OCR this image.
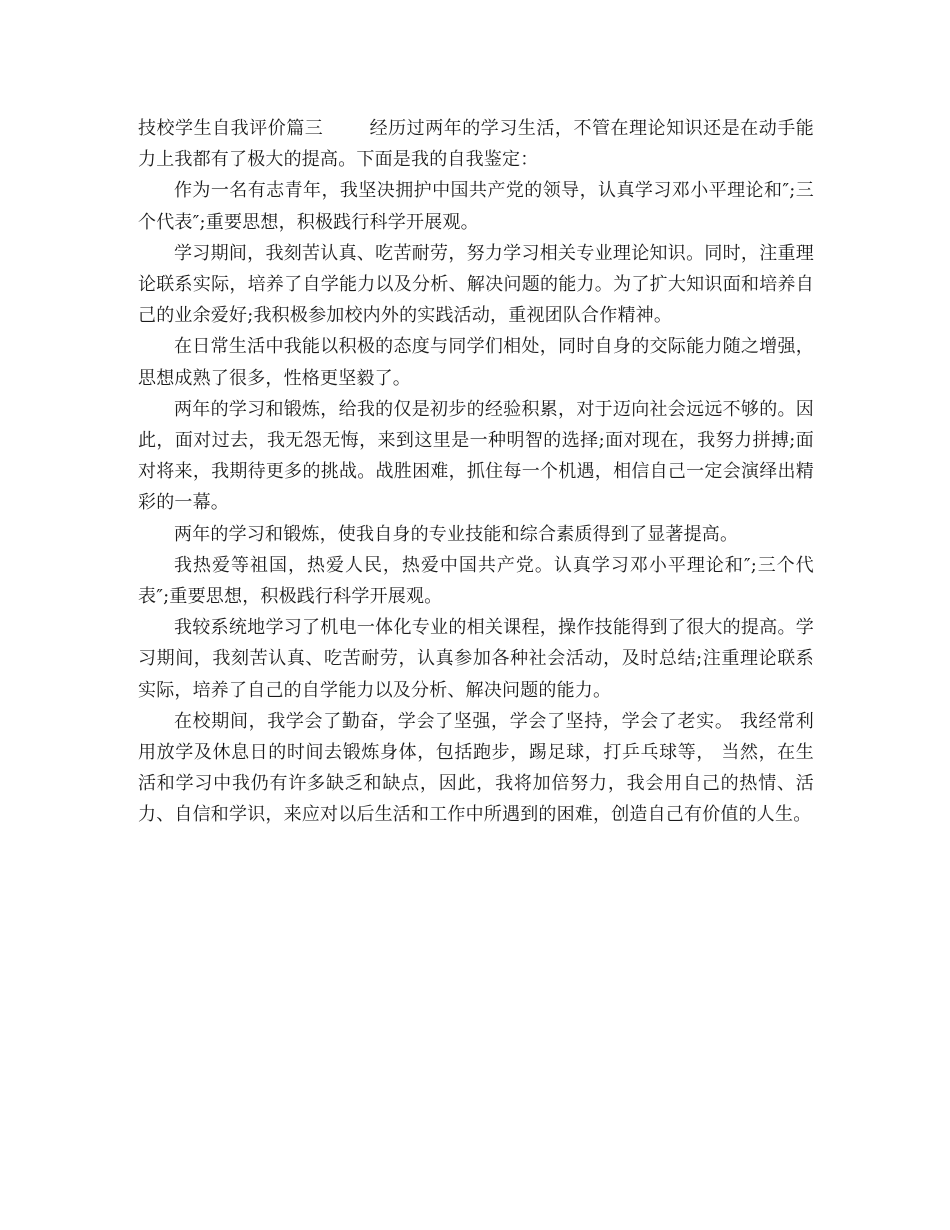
技校学生自我评价篇三	经历过两年的学习生活，不管在理论知识还是在动手能力上我都有了极大的提高。下面是我的自我鉴定：

作为一名有志青年，我坚决拥护中国共产党的领导，认真学习邓小平理论和″;三个代表″;重要思想，积极践行科学开展观。

学习期间，我刻苦认真、吃苦耐劳，努力学习相关专业理论知识。同时，注重理论联系实际，培养了自学能力以及分析、解决问题的能力。为了扩大知识面和培养自己的业余爱好;我积极参加校内外的实践活动，重视团队合作精神。

在日常生活中我能以积极的态度与同学们相处，同时自身的交际能力随之增强，思想成熟了很多，性格更坚毅了。

两年的学习和锻炼，给我的仅是初步的经验积累，对于迈向社会远远不够的。因此，面对过去，我无怨无悔，来到这里是一种明智的选择;面对现在，我努力拼搏;面对将来，我期待更多的挑战。战胜困难，抓住每一个机遇，相信自己一定会演绎出精彩的一幕。

两年的学习和锻炼，使我自身的专业技能和综合素质得到了显著提高。

我热爱等祖国，热爱人民，热爱中国共产党。认真学习邓小平理论和″;三个代表″;重要思想，积极践行科学开展观。

我较系统地学习了机电一体化专业的相关课程，操作技能得到了很大的提高。学习期间，我刻苦认真、吃苦耐劳，认真参加各种社会活动，及时总结;注重理论联系实际，培养了自己的自学能力以及分析、解决问题的能力。

在校期间，我学会了勤奋，学会了坚强，学会了坚持，学会了老实。 我经常利用放学及休息日的时间去锻炼身体，包括跑步，踢足球，打乒乓球等， 当然，在生活和学习中我仍有许多缺乏和缺点，因此，我将加倍努力，我会用自己的热情、活力、自信和学识，来应对以后生活和工作中所遇到的困难，创造自己有价值的人生。
